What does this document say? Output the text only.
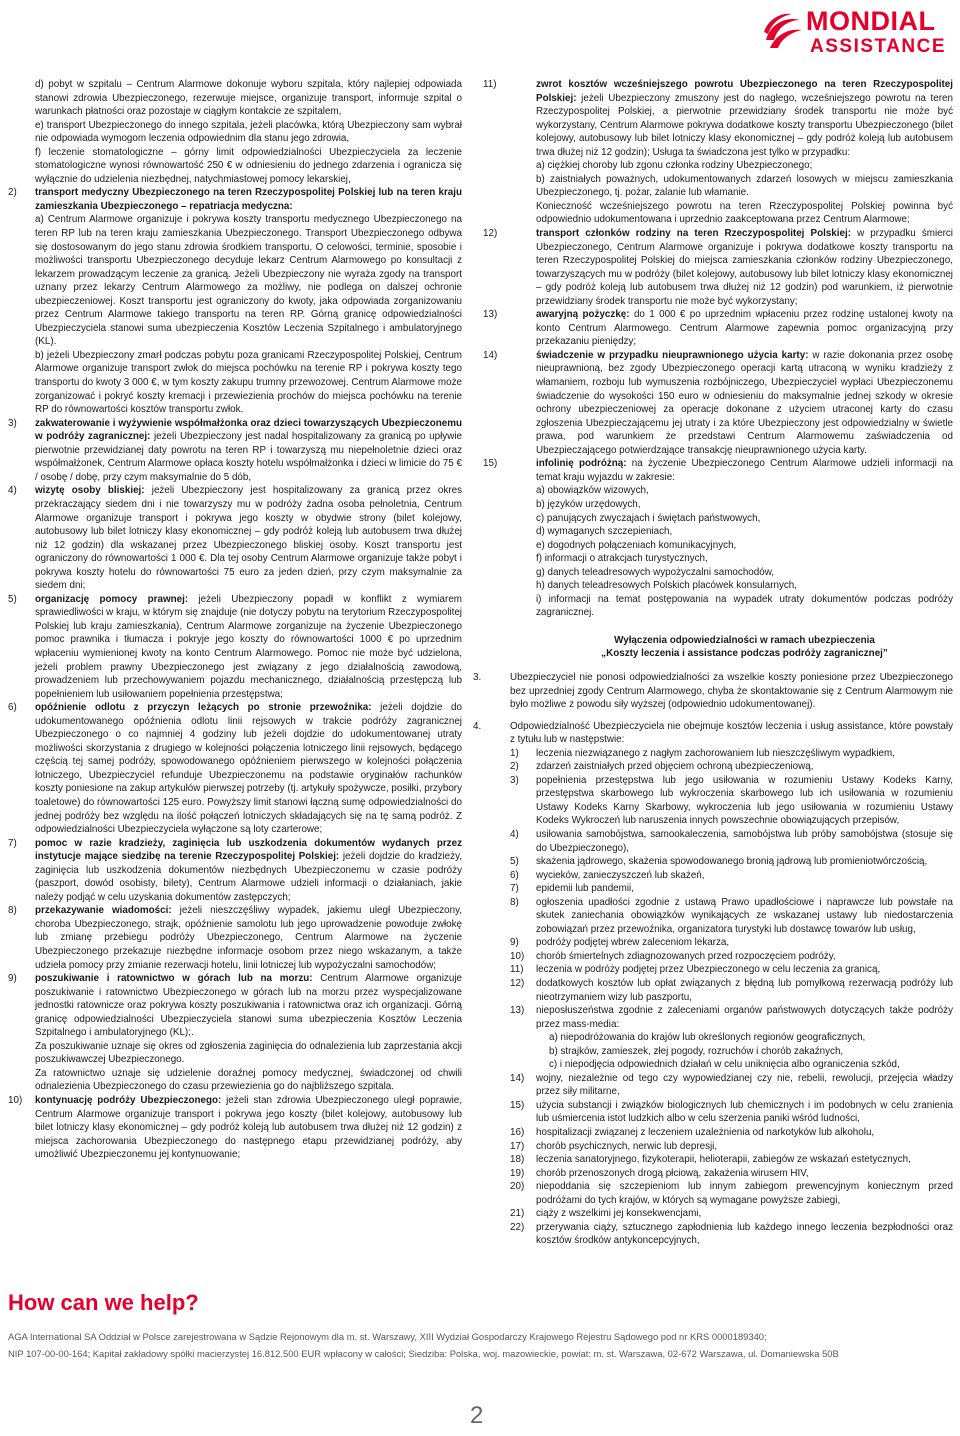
MONDIAL
ASSISTANCE

d) pobyt w szpitalu – Centrum Alarmowe dokonuje wyboru szpitala, który najlepiej odpowiada stanowi zdrowia Ubezpieczonego, rezerwuje miejsce, organizuje transport, informuje szpital o warunkach płatności oraz pozostaje w ciągłym kontakcie ze szpitalem,

e) transport Ubezpieczonego do innego szpitala, jeżeli placówka, którą Ubezpieczony sam wybrał nie odpowiada wymogom leczenia odpowiednim dla stanu jego zdrowia,

f) leczenie stomatologiczne – górny limit odpowiedzialności Ubezpieczyciela za leczenie stomatologiczne wynosi równowartość 250 € w odniesieniu do jednego zdarzenia i ogranicza się wyłącznie do udzielenia niezbędnej, natychmiastowej pomocy lekarskiej,

2) transport medyczny Ubezpieczonego na teren Rzeczypospolitej Polskiej lub na teren kraju zamieszkania Ubezpieczonego – repatriacja medyczna:

a) Centrum Alarmowe organizuje i pokrywa koszty transportu medycznego Ubezpieczonego na teren RP lub na teren kraju zamieszkania Ubezpieczonego. Transport Ubezpieczonego odbywa się dostosowanym do jego stanu zdrowia środkiem transportu. O celowości, terminie, sposobie i możliwości transportu Ubezpieczonego decyduje lekarz Centrum Alarmowego po konsultacji z lekarzem prowadzącym leczenie za granicą. Jeżeli Ubezpieczony nie wyraża zgody na transport uznany przez lekarzy Centrum Alarmowego za możliwy, nie podlega on dalszej ochronie ubezpieczeniowej. Koszt transportu jest ograniczony do kwoty, jaka odpowiada zorganizowaniu przez Centrum Alarmowe takiego transportu na teren RP. Górną granicę odpowiedzialności Ubezpieczyciela stanowi suma ubezpieczenia Kosztów Leczenia Szpitalnego i ambulatoryjnego (KL).

b) jeżeli Ubezpieczony zmarł podczas pobytu poza granicami Rzeczypospolitej Polskiej, Centrum Alarmowe organizuje transport zwłok do miejsca pochówku na terenie RP i pokrywa koszty tego transportu do kwoty 3 000 €, w tym koszty zakupu trumny przewozowej. Centrum Alarmowe może zorganizować i pokryć koszty kremacji i przewiezienia prochów do miejsca pochówku na terenie RP do równowartości kosztów transportu zwłok.

3) zakwaterowanie i wyżywienie współmałżonka oraz dzieci towarzyszących Ubezpieczonemu w podróży zagranicznej: jeżeli Ubezpieczony jest nadal hospitalizowany za granicą po upływie pierwotnie przewidzianej daty powrotu na teren RP i towarzyszą mu niepełnoletnie dzieci oraz współmałżonek, Centrum Alarmowe opłaca koszty hotelu współmałżonka i dzieci w limicie do 75 € / osobę / dobę, przy czym maksymalnie do 5 dób,
4) wizytę osoby bliskiej: jeżeli Ubezpieczony jest hospitalizowany za granicą przez okres przekraczający siedem dni i nie towarzyszy mu w podróży żadna osoba pełnoletnia, Centrum Alarmowe organizuje transport i pokrywa jego koszty w obydwie strony (bilet kolejowy, autobusowy lub bilet lotniczy klasy ekonomicznej – gdy podróż koleją lub autobusem trwa dłużej niż 12 godzin) dla wskazanej przez Ubezpieczonego bliskiej osoby. Koszt transportu jest ograniczony do równowartości 1 000 €. Dla tej osoby Centrum Alarmowe organizuje także pobyt i pokrywa koszty hotelu do równowartości 75 euro za jeden dzień, przy czym maksymalnie za siedem dni;
5) organizację pomocy prawnej: jeżeli Ubezpieczony popadł w konflikt z wymiarem sprawiedliwości w kraju, w którym się znajduje (nie dotyczy pobytu na terytorium Rzeczypospolitej Polskiej lub kraju zamieszkania), Centrum Alarmowe zorganizuje na życzenie Ubezpieczonego pomoc prawnika i tłumacza i pokryje jego koszty do równowartości 1000 € po uprzednim wpłaceniu wymienionej kwoty na konto Centrum Alarmowego. Pomoc nie może być udzielona, jeżeli problem prawny Ubezpieczonego jest związany z jego działalnością zawodową, prowadzeniem lub przechowywaniem pojazdu mechanicznego, działalnością przestępczą lub popełnieniem lub usiłowaniem popełnienia przestępstwa;
6) opóźnienie odlotu z przyczyn leżących po stronie przewoźnika: jeżeli dojdzie do udokumentowanego opóźnienia odlotu linii rejsowych w trakcie podróży zagranicznej Ubezpieczonego o co najmniej 4 godziny lub jeżeli dojdzie do udokumentowanej utraty możliwości skorzystania z drugiego w kolejności połączenia lotniczego linii rejsowych, będącego częścią tej samej podróży, spowodowanego opóźnieniem pierwszego w kolejności połączenia lotniczego, Ubezpieczyciel refunduje Ubezpieczonemu na podstawie oryginałów rachunków koszty poniesione na zakup artykułów pierwszej potrzeby (tj. artykuły spożywcze, posiłki, przybory toaletowe) do równowartości 125 euro. Powyższy limit stanowi łączną sumę odpowiedzialności do jednej podróży bez względu na ilość połączeń lotniczych składających się na tę samą podróż. Z odpowiedzialności Ubezpieczyciela wyłączone są loty czarterowe;
7) pomoc w razie kradzieży, zaginięcia lub uszkodzenia dokumentów wydanych przez instytucje mające siedzibę na terenie Rzeczypospolitej Polskiej: jeżeli dojdzie do kradzieży, zaginięcia lub uszkodzenia dokumentów niezbędnych Ubezpieczonemu w czasie podróży (paszport, dowód osobisty, bilety), Centrum Alarmowe udzieli informacji o działaniach, jakie należy podjąć w celu uzyskania dokumentów zastępczych;
8) przekazywanie wiadomości: jeżeli nieszczęśliwy wypadek, jakiemu uległ Ubezpieczony, choroba Ubezpieczonego, strajk, opóźnienie samolotu lub jego uprowadzenie powoduje zwłokę lub zmianę przebiegu podróży Ubezpieczonego, Centrum Alarmowe na życzenie Ubezpieczonego przekazuje niezbędne informacje osobom przez niego wskazanym, a także udziela pomocy przy zmianie rezerwacji hotelu, linii lotniczej lub wypożyczalni samochodów;
9) poszukiwanie i ratownictwo w górach lub na morzu: Centrum Alarmowe organizuje poszukiwanie i ratownictwo Ubezpieczonego w górach lub na morzu przez wyspecjalizowane jednostki ratownicze oraz pokrywa koszty poszukiwania i ratownictwa oraz ich organizacji. Górną granicę odpowiedzialności Ubezpieczyciela stanowi suma ubezpieczenia Kosztów Leczenia Szpitalnego i ambulatoryjnego (KL);.

Za poszukiwanie uznaje się okres od zgłoszenia zaginięcia do odnalezienia lub zaprzestania akcji poszukiwawczej Ubezpieczonego.

Za ratownictwo uznaje się udzielenie doraźnej pomocy medycznej, świadczonej od chwili odnalezienia Ubezpieczonego do czasu przewiezienia go do najbliższego szpitala.

10) kontynuację podróży Ubezpieczonego: jeżeli stan zdrowia Ubezpieczonego uległ poprawie, Centrum Alarmowe organizuje transport i pokrywa jego koszty (bilet kolejowy, autobusowy lub bilet lotniczy klasy ekonomicznej – gdy podróż koleją lub autobusem trwa dłużej niż 12 godzin) z miejsca zachorowania Ubezpieczonego do następnego etapu przewidzianej podróży, aby umożliwić Ubezpieczonemu jej kontynuowanie;
11)	zwrot kosztów wcześniejszego powrotu Ubezpieczonego na teren Rzeczypospolitej Polskiej: jeżeli Ubezpieczony zmuszony jest do nagłego, wcześniejszego powrotu na teren Rzeczypospolitej Polskiej, a pierwotnie przewidziany środek transportu nie może być wykorzystany, Centrum Alarmowe pokrywa dodatkowe koszty transportu Ubezpieczonego (bilet kolejowy, autobusowy lub bilet lotniczy klasy ekonomicznej – gdy podróż koleją lub autobusem trwa dłużej niż 12 godzin); Usługa ta świadczona jest tylko w przypadku:

a) ciężkiej choroby lub zgonu członka rodziny Ubezpieczonego;

b) zaistniałych poważnych, udokumentowanych zdarzeń losowych w miejscu zamieszkania Ubezpieczonego, tj. pożar, zalanie lub włamanie.

Konieczność wcześniejszego powrotu na teren Rzeczypospolitej Polskiej powinna być odpowiednio udokumentowana i uprzednio zaakceptowana przez Centrum Alarmowe;

12)	transport członków rodziny na teren Rzeczypospolitej Polskiej: w przypadku śmierci Ubezpieczonego, Centrum Alarmowe organizuje i pokrywa dodatkowe koszty transportu na teren Rzeczypospolitej Polskiej do miejsca zamieszkania członków rodziny Ubezpieczonego, towarzyszących mu w podróży (bilet kolejowy, autobusowy lub bilet lotniczy klasy ekonomicznej – gdy podróż koleją lub autobusem trwa dłużej niż 12 godzin) pod warunkiem, iż pierwotnie przewidziany środek transportu nie może być wykorzystany;
13)	awaryjną pożyczkę: do 1 000 € po uprzednim wpłaceniu przez rodzinę ustalonej kwoty na konto Centrum Alarmowego. Centrum Alarmowe zapewnia pomoc organizacyjną przy przekazaniu pieniędzy;
14)	świadczenie w przypadku nieuprawnionego użycia karty: w razie dokonania przez osobę nieuprawnioną, bez zgody Ubezpieczonego operacji kartą utraconą w wyniku kradzieży z włamaniem, rozboju lub wymuszenia rozbójniczego, Ubezpieczyciel wypłaci Ubezpieczonemu świadczenie do wysokości 150 euro w odniesieniu do maksymalnie jednej szkody w okresie ochrony ubezpieczeniowej za operacje dokonane z użyciem utraconej karty do czasu zgłoszenia Ubezpieczającemu jej utraty i za które Ubezpieczony jest odpowiedzialny w świetle prawa, pod warunkiem że przedstawi Centrum Alarmowemu zaświadczenia od Ubezpieczającego potwierdzające transakcję nieuprawnionego użycia karty.
15)	infolinię podróżną: na życzenie Ubezpieczonego Centrum Alarmowe udzieli informacji na temat kraju wyjazdu w zakresie:

a) obowiązków wizowych,

b) języków urzędowych,

c) panujących zwyczajach i świętach państwowych,

d) wymaganych szczepieniach,

e) dogodnych połączeniach komunikacyjnych,

f) informacji o atrakcjach turystycznych,

g) danych teleadresowych wypożyczalni samochodów,

h) danych teleadresowych Polskich placówek konsularnych,

i) informacji na temat postępowania na wypadek utraty dokumentów podczas podróży zagranicznej.

Wyłączenia odpowiedzialności w ramach ubezpieczenia
„Koszty leczenia i assistance podczas podróży zagranicznej”
3.	Ubezpieczyciel nie ponosi odpowiedzialności za wszelkie koszty poniesione przez Ubezpieczonego bez uprzedniej zgody Centrum Alarmowego, chyba że skontaktowanie się z Centrum Alarmowym nie było możliwe z powodu siły wyższej (odpowiednio udokumentowanej).
4.	Odpowiedzialność Ubezpieczyciela nie obejmuje kosztów leczenia i usług assistance, które powstały z tytułu lub w następstwie:
1) leczenia niezwiązanego z nagłym zachorowaniem lub nieszczęśliwym wypadkiem,
2) zdarzeń zaistniałych przed objęciem ochroną ubezpieczeniową,
3) popełnienia przestępstwa lub jego usiłowania w rozumieniu Ustawy Kodeks Karny, przestępstwa skarbowego lub wykroczenia skarbowego lub ich usiłowania w rozumieniu Ustawy Kodeks Karny Skarbowy, wykroczenia lub jego usiłowania w rozumieniu Ustawy Kodeks Wykroczeń lub naruszenia innych powszechnie obowiązujących przepisów,
4) usiłowania samobójstwa, samookaleczenia, samobójstwa lub próby samobójstwa (stosuje się do Ubezpieczonego),
5) skażenia jądrowego, skażenia spowodowanego bronią jądrową lub promieniotwórczością,
6) wycieków, zanieczyszczeń lub skażeń,
7) epidemii lub pandemii,
8) ogłoszenia upadłości zgodnie z ustawą Prawo upadłościowe i naprawcze lub powstałe na skutek zaniechania obowiązków wynikających ze wskazanej ustawy lub niedostarczenia zobowiązań przez przewoźnika, organizatora turystyki lub dostawcę towarów lub usług,
9) podróży podjętej wbrew zaleceniom lekarza,
10) chorób śmiertelnych zdiagnozowanych przed rozpoczęciem podróży,
11) leczenia w podróży podjętej przez Ubezpieczonego w celu leczenia za granicą,
12) dodatkowych kosztów lub opłat związanych z błędną lub pomyłkową rezerwacją podróży lub nieotrzymaniem wizy lub paszportu,
13) nieposłuszeństwa zgodnie z zaleceniami organów państwowych dotyczących także podróży przez mass-media:

a) niepodróżowania do krajów lub określonych regionów geograficznych,

b) strajków, zamieszek, złej pogody, rozruchów i chorób zakaźnych,

c) i niepodjęcia odpowiednich działań w celu uniknięcia albo ograniczenia szkód,

14) wojny, niezależnie od tego czy wypowiedzianej czy nie, rebelii, rewolucji, przejęcia władzy przez siły militarne,
15) użycia substancji i związków biologicznych lub chemicznych i im podobnych w celu zranienia lub uśmiercenia istot ludzkich albo w celu szerzenia paniki wśród ludności,
16) hospitalizacji związanej z leczeniem uzależnienia od narkotyków lub alkoholu,
17) chorób psychicznych, nerwic lub depresji,
18) leczenia sanatoryjnego, fizykoterapii, helioterapii, zabiegów ze wskazań estetycznych,
19) chorób przenoszonych drogą płciową, zakażenia wirusem HIV,
20) niepoddania się szczepieniom lub innym zabiegom prewencyjnym koniecznym przed podróżami do tych krajów, w których są wymagane powyższe zabiegi,
21) ciąży z wszelkimi jej konsekwencjami,
22) przerywania ciąży, sztucznego zapłodnienia lub każdego innego leczenia bezpłodności oraz kosztów środków antykoncepcyjnych,
How can we help?
AGA International SA Oddział w Polsce zarejestrowana w Sądzie Rejonowym dla m. st. Warszawy, XIII Wydział Gospodarczy Krajowego Rejestru Sądowego pod nr KRS 0000189340;
NIP 107-00-00-164; Kapitał zakładowy spółki macierzystej 16.812.500 EUR wpłacony w całości; Siedziba: Polska, woj. mazowieckie, powiat: m. st. Warszawa, 02-672 Warszawa, ul. Domaniewska 50B
2
